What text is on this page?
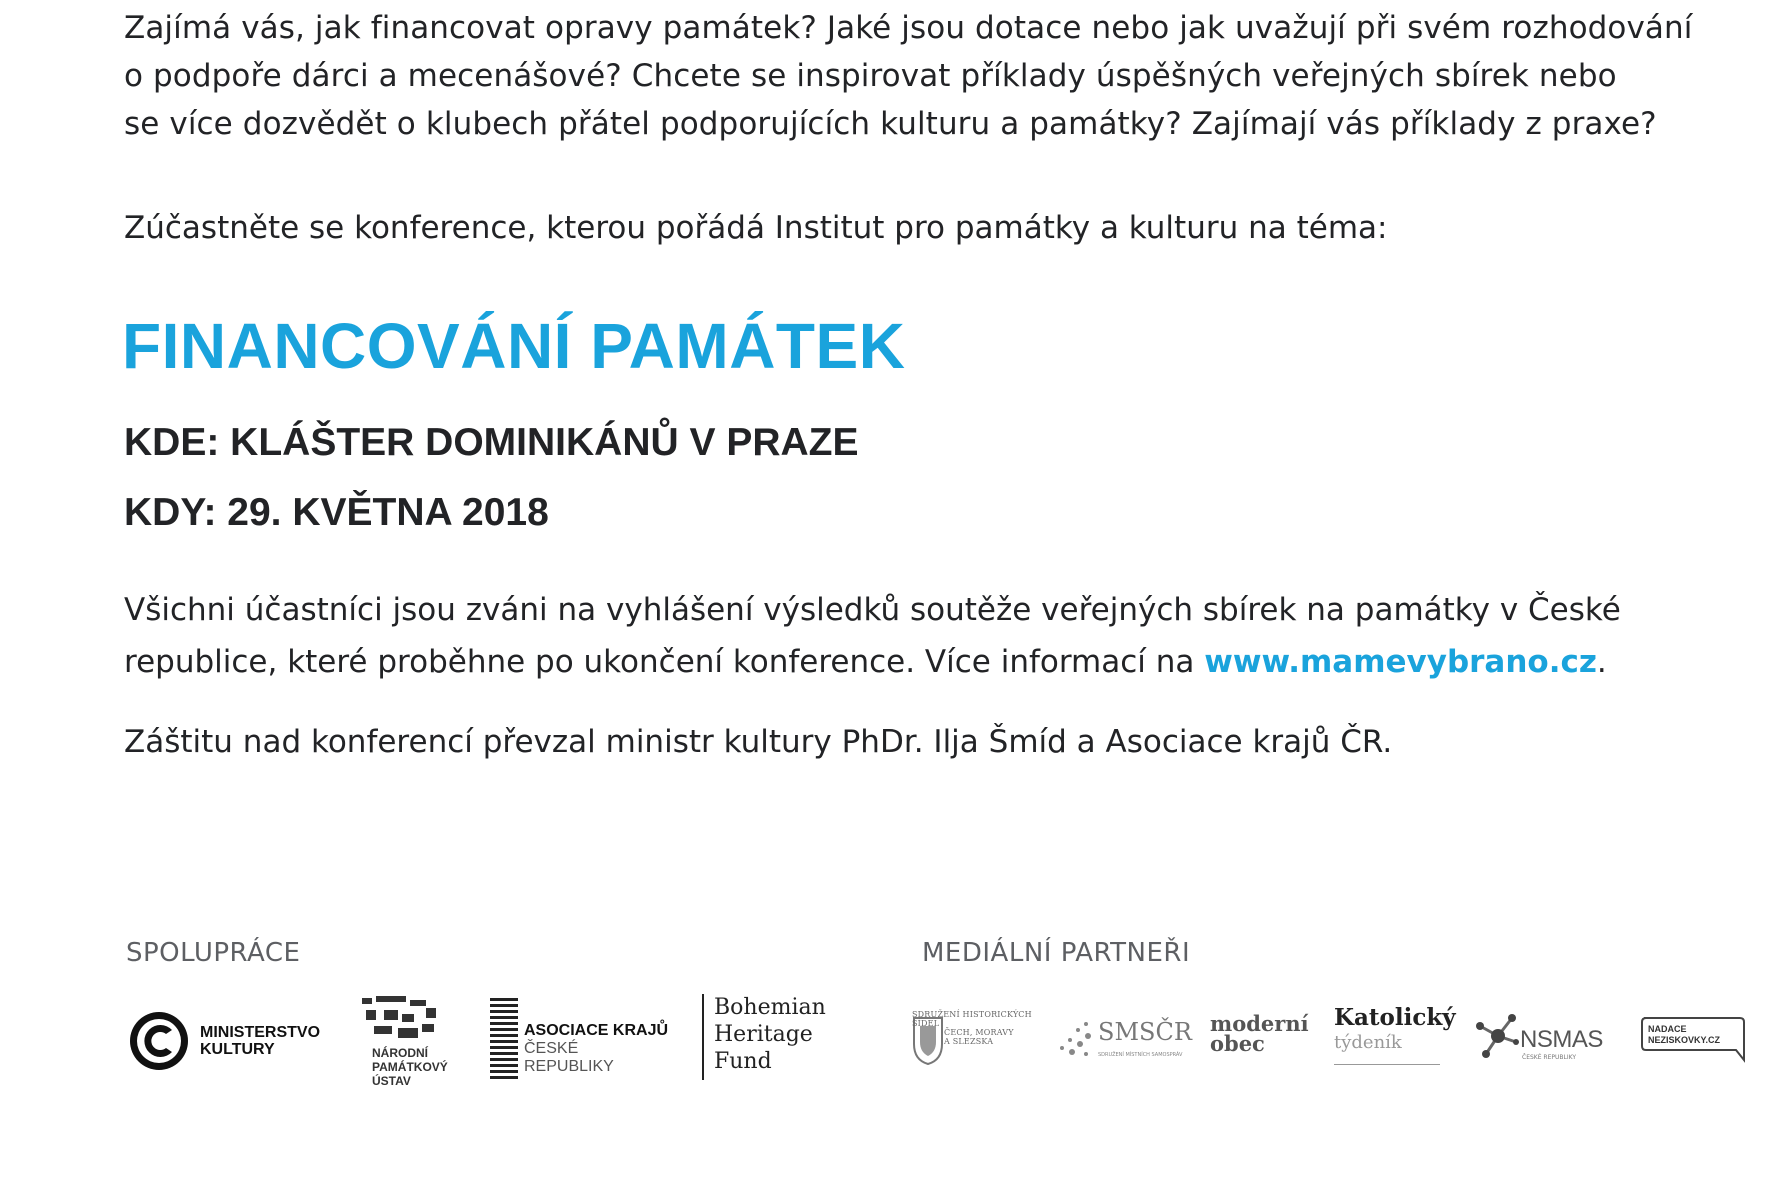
Zajímá vás, jak financovat opravy památek? Jaké jsou dotace nebo jak uvažují při svém rozhodování
o podpoře dárci a mecenášové? Chcete se inspirovat příklady úspěšných veřejných sbírek nebo
se více dozvědět o klubech přátel podporujících kulturu a památky? Zajímají vás příklady z praxe?

Zúčastněte se konference, kterou pořádá Institut pro památky a kulturu na téma:

FINANCOVÁNÍ PAMÁTEK

KDE: KLÁŠTER DOMINIKÁNŮ V PRAZE

KDY: 29. KVĚTNA 2018

Všichni účastníci jsou zváni na vyhlášení výsledků soutěže veřejných sbírek na památky v České
republice, které proběhne po ukončení konference. Více informací na www.mamevybrano.cz.

Záštitu nad konferencí převzal ministr kultury PhDr. Ilja Šmíd a Asociace krajů ČR.

SPOLUPRÁCE	MEDIÁLNÍ PARTNEŘI

MINISTERSTVO
KULTURY	NÁRODNÍ
PAMÁTKOVÝ
ÚSTAV
ASOCIACE KRAJŮ
ČESKÉ REPUBLIKY
Bohemian
Heritage
Fund
SDRUŽENÍ HISTORICKÝCH SÍDEL
ČECH, MORAVY
A SLEZSKA	SMSČR
SDRUŽENÍ MÍSTNÍCH SAMOSPRÁV
moderní
obec
Katolický
týdeník	NSMAS
ČESKÉ REPUBLIKY
NADACE
NEZISKOVKY.CZ
